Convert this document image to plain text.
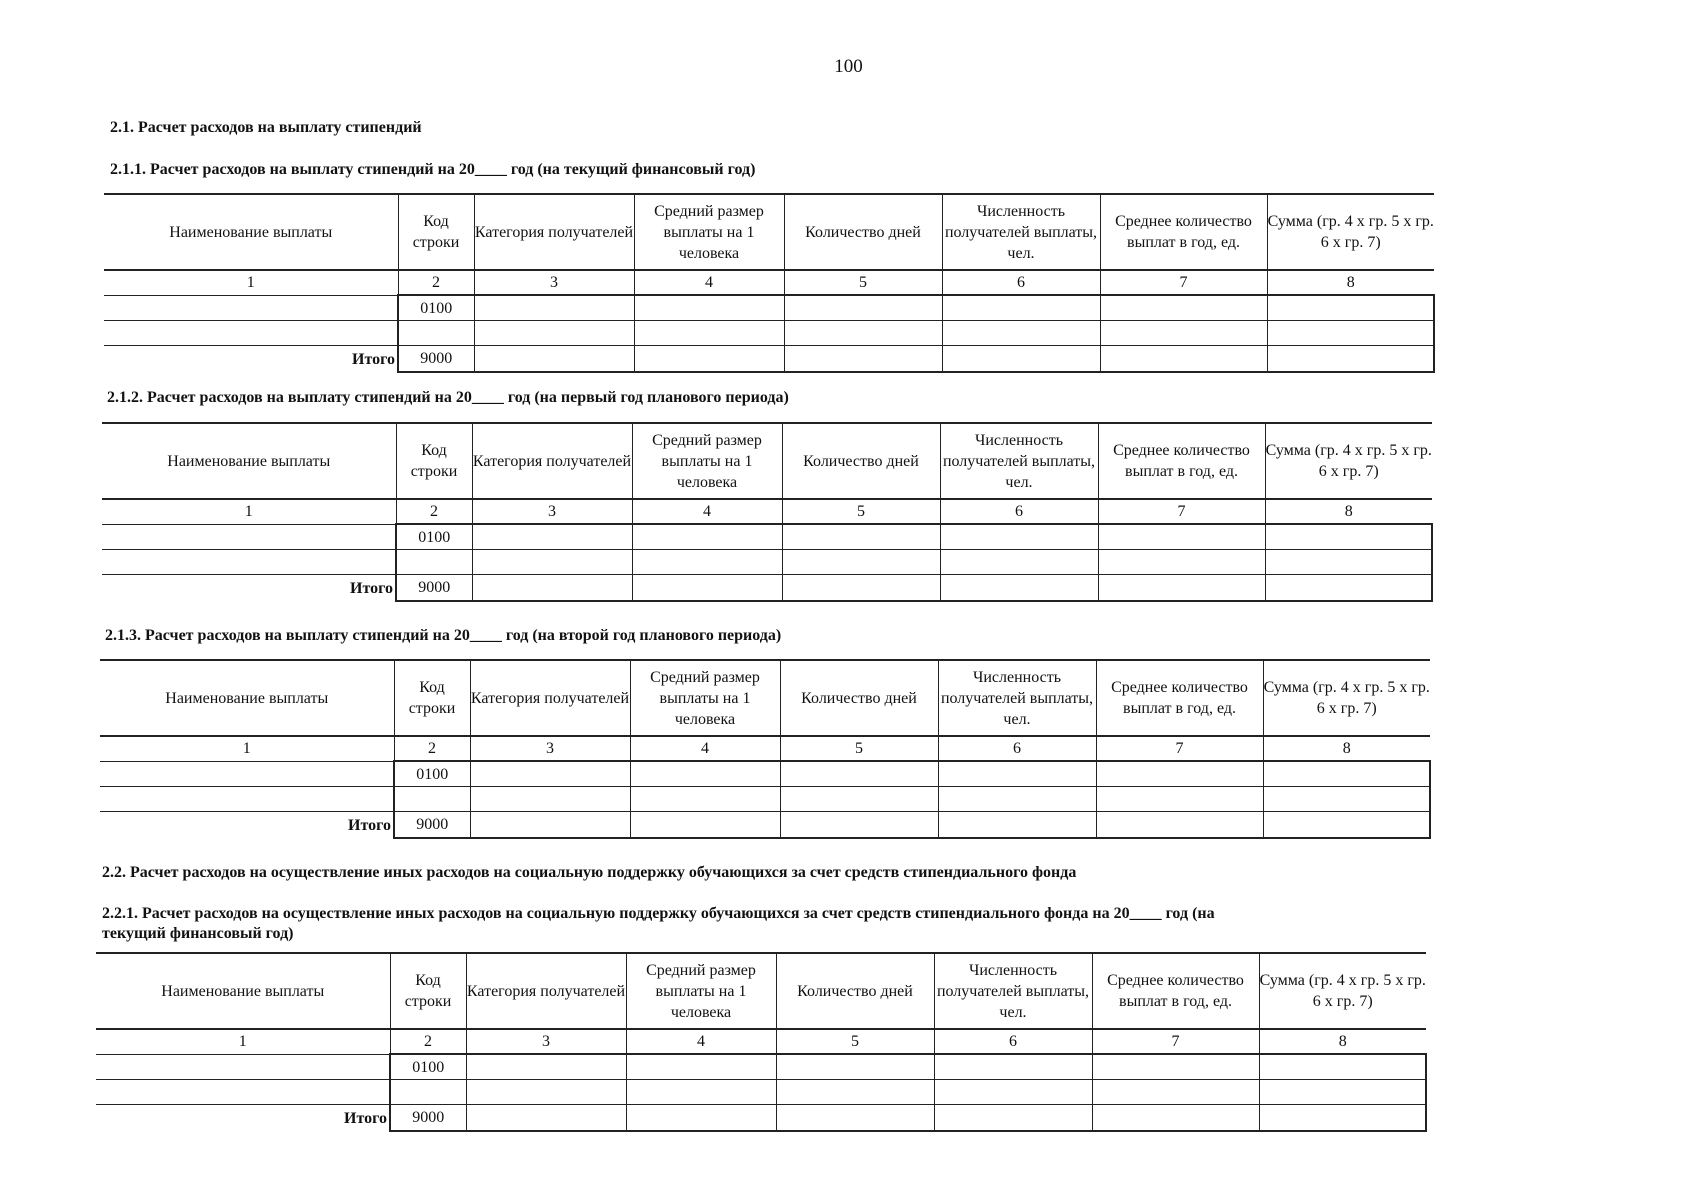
100
2.1. Расчет расходов на выплату стипендий
2.1.1. Расчет расходов на выплату стипендий на 20____ год (на текущий финансовый год)
Наименование выплаты	Код строки	Категория получателей	Средний размер выплаты на 1 человека	Количество дней	Численность получателей выплаты, чел.	Среднее количество выплат в год, ед.	Сумма (гр. 4 х гр. 5 х гр. 6 х гр. 7)
1	2	3	4	5	6	7	8
	0100						

Итого	9000						
2.1.2. Расчет расходов на выплату стипендий на 20____ год (на первый год планового периода)
Наименование выплаты	Код строки	Категория получателей	Средний размер выплаты на 1 человека	Количество дней	Численность получателей выплаты, чел.	Среднее количество выплат в год, ед.	Сумма (гр. 4 х гр. 5 х гр. 6 х гр. 7)
1	2	3	4	5	6	7	8
	0100						

Итого	9000						
2.1.3. Расчет расходов на выплату стипендий на 20____ год (на второй год планового периода)
Наименование выплаты	Код строки	Категория получателей	Средний размер выплаты на 1 человека	Количество дней	Численность получателей выплаты, чел.	Среднее количество выплат в год, ед.	Сумма (гр. 4 х гр. 5 х гр. 6 х гр. 7)
1	2	3	4	5	6	7	8
	0100						

Итого	9000						
2.2. Расчет расходов на осуществление иных расходов на социальную поддержку обучающихся за счет средств стипендиального фонда
2.2.1. Расчет расходов на осуществление иных расходов на социальную поддержку обучающихся за счет средств стипендиального фонда на 20____ год (на
текущий финансовый год)
Наименование выплаты	Код строки	Категория получателей	Средний размер выплаты на 1 человека	Количество дней	Численность получателей выплаты, чел.	Среднее количество выплат в год, ед.	Сумма (гр. 4 х гр. 5 х гр. 6 х гр. 7)
1	2	3	4	5	6	7	8
	0100						

Итого	9000						
